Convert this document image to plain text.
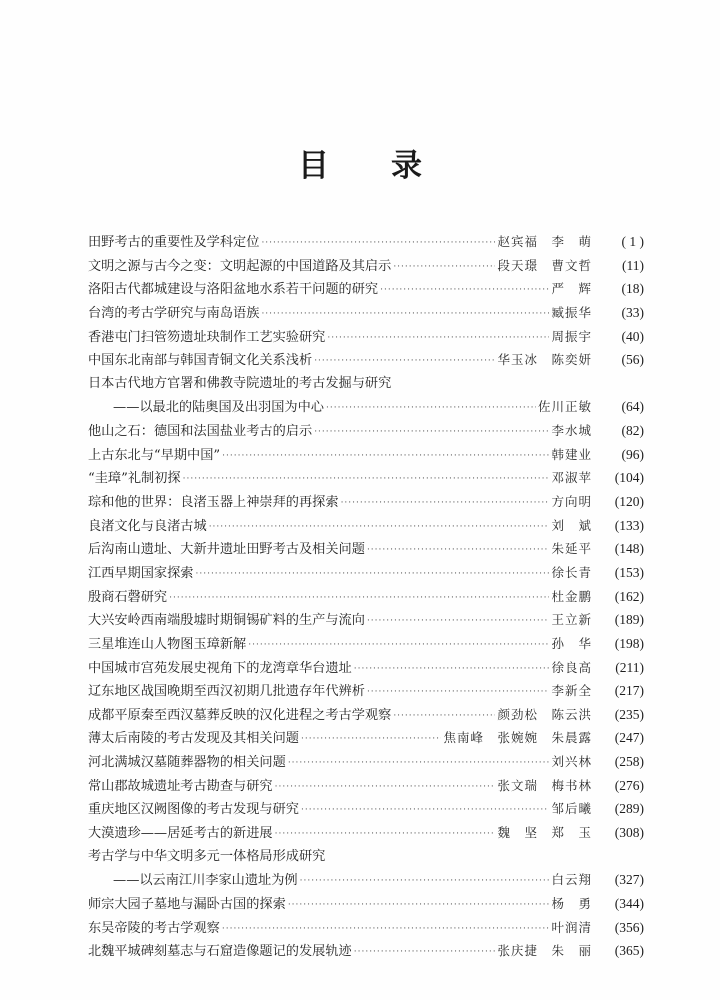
目 录
田野考古的重要性及学科定位 ·····	赵宾福　李　萌	( 1 )
文明之源与古今之变：文明起源的中国道路及其启示 ·····	段天璟　曹文哲	(11)
洛阳古代都城建设与洛阳盆地水系若干问题的研究 ·····	严　辉	(18)
台湾的考古学研究与南岛语族 ·····	臧振华	(33)
香港屯门扫管笏遗址玦制作工艺实验研究 ·····	周振宇	(40)
中国东北南部与韩国青铜文化关系浅析 ·····	华玉冰　陈奕妍	(56)
日本古代地方官署和佛教寺院遗址的考古发掘与研究
——以最北的陆奥国及出羽国为中心 ·····	佐川正敏	(64)
他山之石：德国和法国盐业考古的启示 ·····	李水城	(82)
上古东北与“早期中国” ·····	韩建业	(96)
“圭璋”礼制初探 ·····	邓淑苹	(104)
琮和他的世界：良渚玉器上神崇拜的再探索 ·····	方向明	(120)
良渚文化与良渚古城 ·····	刘　斌	(133)
后沟南山遗址、大新井遗址田野考古及相关问题 ·····	朱延平	(148)
江西早期国家探索 ·····	徐长青	(153)
殷商石磬研究 ·····	杜金鹏	(162)
大兴安岭西南端殷墟时期铜锡矿料的生产与流向 ·····	王立新	(189)
三星堆连山人物图玉璋新解 ·····	孙　华	(198)
中国城市宫苑发展史视角下的龙湾章华台遗址 ·····	徐良高	(211)
辽东地区战国晚期至西汉初期几批遗存年代辨析 ·····	李新全	(217)
成都平原秦至西汉墓葬反映的汉化进程之考古学观察 ·····	颜劲松　陈云洪	(235)
薄太后南陵的考古发现及其相关问题 ·····	焦南峰　张婉婉　朱晨露	(247)
河北满城汉墓随葬器物的相关问题 ·····	刘兴林	(258)
常山郡故城遗址考古勘查与研究 ·····	张文瑞　梅书林	(276)
重庆地区汉阙图像的考古发现与研究 ·····	邹后曦	(289)
大漠遗珍——居延考古的新进展 ·····	魏　坚　郑　玉	(308)
考古学与中华文明多元一体格局形成研究
——以云南江川李家山遗址为例 ·····	白云翔	(327)
师宗大园子墓地与漏卧古国的探索 ·····	杨　勇	(344)
东吴帝陵的考古学观察 ·····	叶润清	(356)
北魏平城碑刻墓志与石窟造像题记的发展轨迹 ·····	张庆捷　朱　丽	(365)
